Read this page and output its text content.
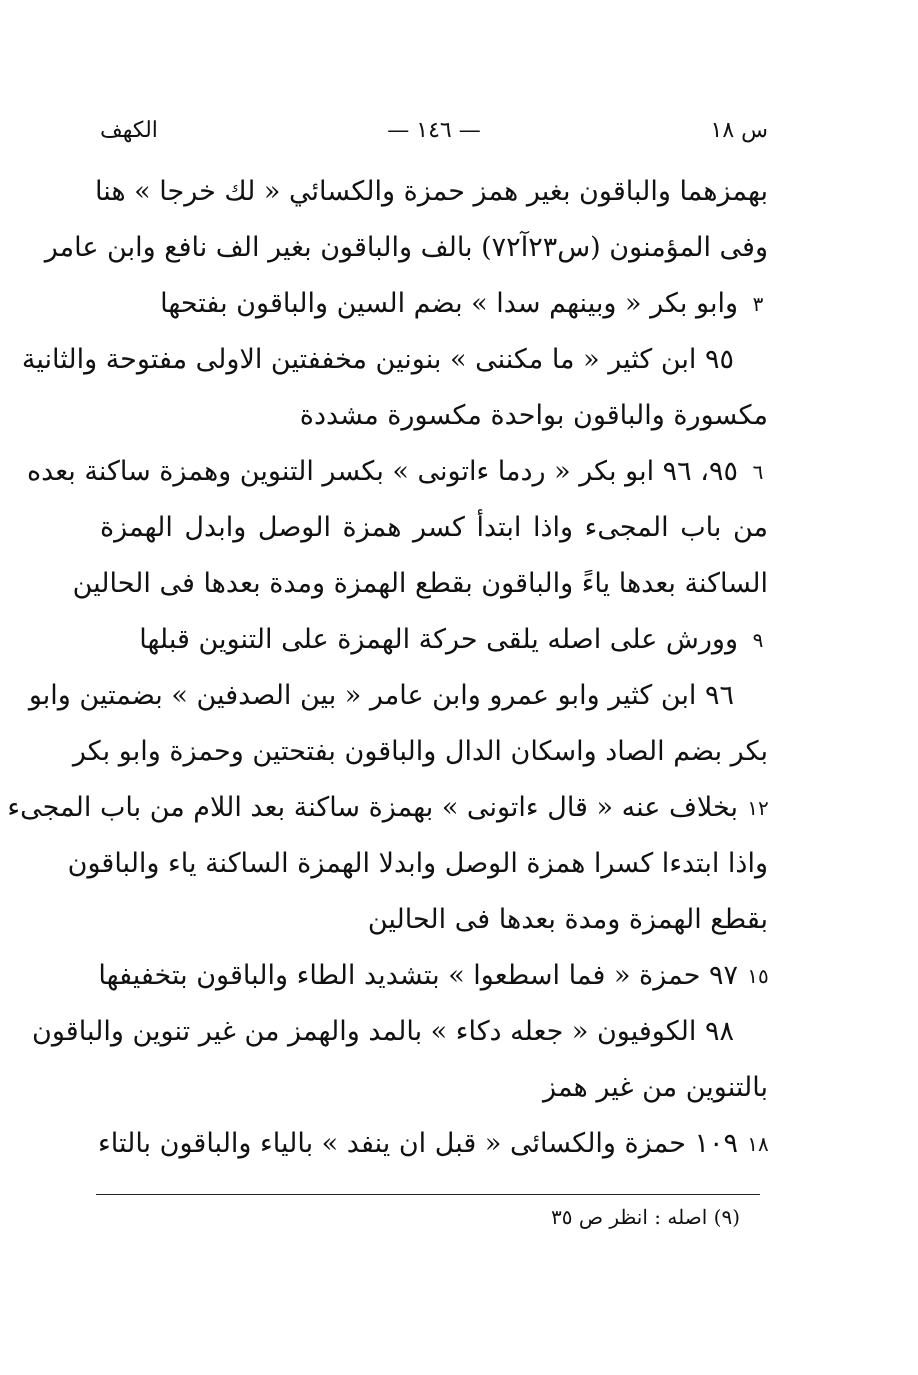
س ١٨
— ١٤٦ —
الكهف
بهمزهما والباقون بغير همز حمزة والكسائي « لك خرجا » هنا
وفى المؤمنون (س٢٣آ٧٢) بالف والباقون بغير الف نافع وابن عامر
٣
وابو بكر « وبينهم سدا » بضم السين والباقون بفتحها
٩٥ ابن كثير « ما مكننى » بنونين مخففتين الاولى مفتوحة والثانية
مكسورة والباقون بواحدة مكسورة مشددة
٦
٩٥، ٩٦ ابو بكر « ردما ءاتونى » بكسر التنوين وهمزة ساكنة بعده
من باب المجىء واذا ابتدأ كسر همزة الوصل وابدل الهمزة
الساكنة بعدها ياءً والباقون بقطع الهمزة ومدة بعدها فى الحالين
٩
وورش على اصله يلقى حركة الهمزة على التنوين قبلها
٩٦ ابن كثير وابو عمرو وابن عامر « بين الصدفين » بضمتين وابو
بكر بضم الصاد واسكان الدال والباقون بفتحتين وحمزة وابو بكر
١٢
بخلاف عنه « قال ءاتونى » بهمزة ساكنة بعد اللام من باب المجىء
واذا ابتدءا كسرا همزة الوصل وابدلا الهمزة الساكنة ياء والباقون
بقطع الهمزة ومدة بعدها فى الحالين
١٥
٩٧ حمزة « فما اسطعوا » بتشديد الطاء والباقون بتخفيفها
٩٨ الكوفيون « جعله دكاء » بالمد والهمز من غير تنوين والباقون
بالتنوين من غير همز
١٨
١٠٩ حمزة والكسائى « قبل ان ينفد » بالياء والباقون بالتاء
(٩) اصله : انظر ص ٣٥
